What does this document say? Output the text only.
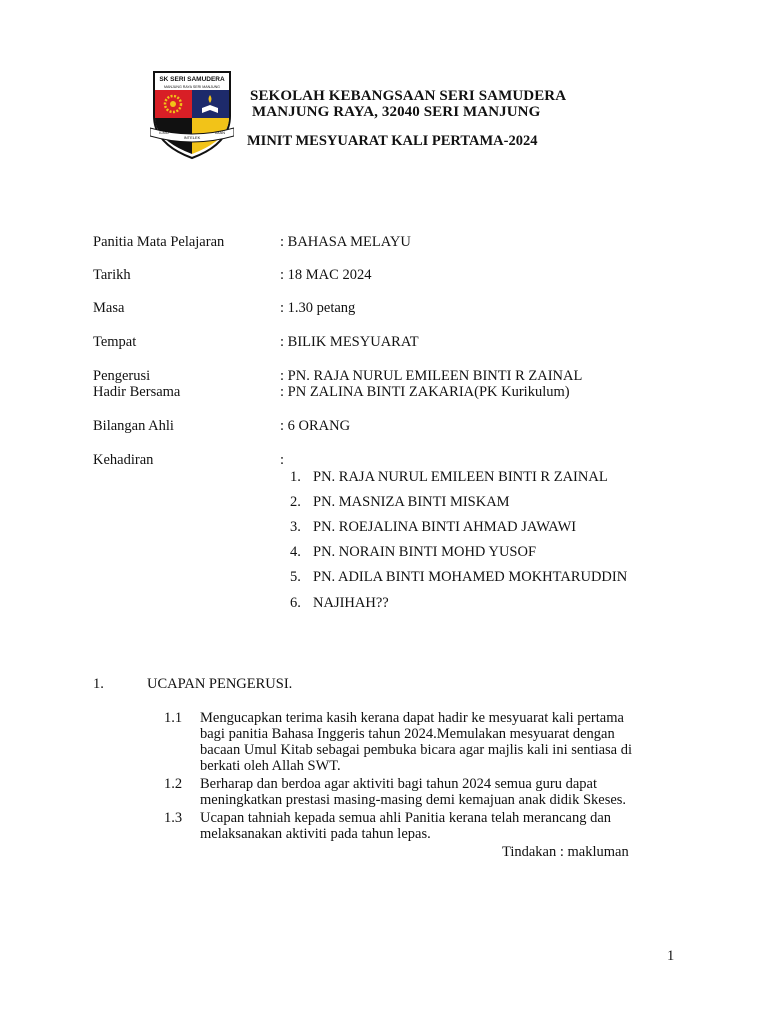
SK SERI SAMUDERA
MANJUNG RAYA SERI MANJUNG
ILMU
INTELEK
IMAN
SEKOLAH KEBANGSAAN SERI SAMUDERA
MANJUNG RAYA, 32040 SERI MANJUNG
MINIT MESYUARAT KALI PERTAMA-2024
Panitia Mata Pelajaran	: BAHASA MELAYU
Tarikh	: 18 MAC 2024
Masa	: 1.30 petang
Tempat	: BILIK MESYUARAT
Pengerusi	: PN. RAJA NURUL EMILEEN BINTI R ZAINAL
Hadir Bersama	: PN ZALINA BINTI ZAKARIA(PK Kurikulum)
Bilangan Ahli	: 6 ORANG
Kehadiran	:
1. PN. RAJA NURUL EMILEEN BINTI R ZAINAL
2. PN. MASNIZA BINTI MISKAM
3. PN. ROEJALINA BINTI AHMAD JAWAWI
4. PN. NORAIN BINTI MOHD YUSOF
5. PN. ADILA BINTI MOHAMED MOKHTARUDDIN
6. NAJIHAH??
1.	UCAPAN PENGERUSI.
1.1 Mengucapkan terima kasih kerana dapat hadir ke mesyuarat kali pertama
bagi panitia Bahasa Inggeris tahun 2024.Memulakan mesyuarat dengan
bacaan Umul Kitab sebagai pembuka bicara agar majlis kali ini sentiasa di
berkati oleh Allah SWT.
1.2 Berharap dan berdoa agar aktiviti bagi tahun 2024 semua guru dapat
meningkatkan prestasi masing-masing demi kemajuan anak didik Skeses.
1.3 Ucapan tahniah kepada semua ahli Panitia kerana telah merancang dan
melaksanakan aktiviti pada tahun lepas.
Tindakan : makluman
1
